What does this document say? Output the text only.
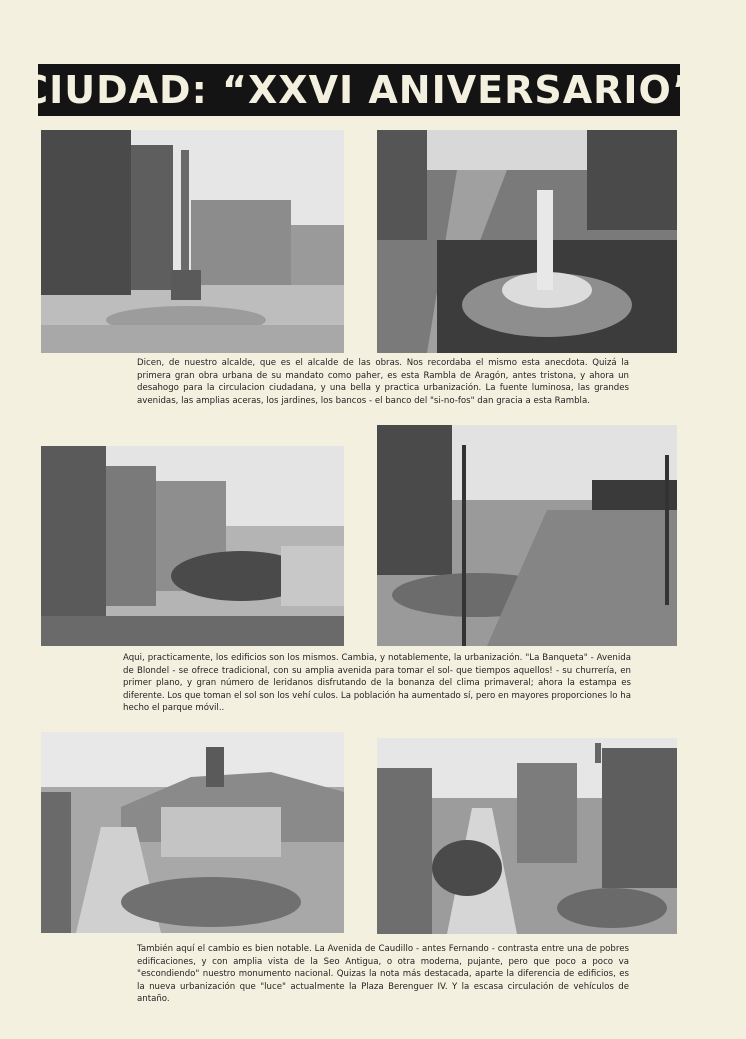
CIUDAD: “XXVI ANIVERSARIO”
Dicen, de nuestro alcalde, que es el alcalde de las obras. Nos recordaba el mismo esta anecdota. Quizá la primera gran obra urbana de su mandato como paher, es esta Rambla de Aragón, antes tristona, y ahora un desahogo para la circulacion ciudadana, y una bella y practica urbanización. La fuente luminosa, las grandes avenidas, las amplias aceras, los jardines, los bancos - el banco del "si-no-fos" dan gracia a esta Rambla.
Aqui, practicamente, los edificios son los mismos. Cambia, y notablemente, la urbanización. "La Banqueta" - Avenida de Blondel - se ofrece tradicional, con su amplia avenida para tomar el sol- que tiempos aquellos! - su churrería, en primer plano, y gran número de leridanos disfrutando de la bonanza del clima primaveral; ahora la estampa es diferente. Los que toman el sol son los vehí culos. La población ha aumentado sí, pero en mayores proporciones lo ha hecho el parque móvil..
También aquí el cambio es bien notable. La Avenida de Caudillo - antes Fernando - contrasta entre una de pobres edificaciones, y con amplia vista de la Seo Antigua, o otra moderna, pujante, pero que poco a poco va "escondiendo" nuestro monumento nacional. Quizas la nota más destacada, aparte la diferencia de edificios, es la nueva urbanización que "luce" actualmente la Plaza Berenguer IV. Y la escasa circulación de vehículos de antaño.
